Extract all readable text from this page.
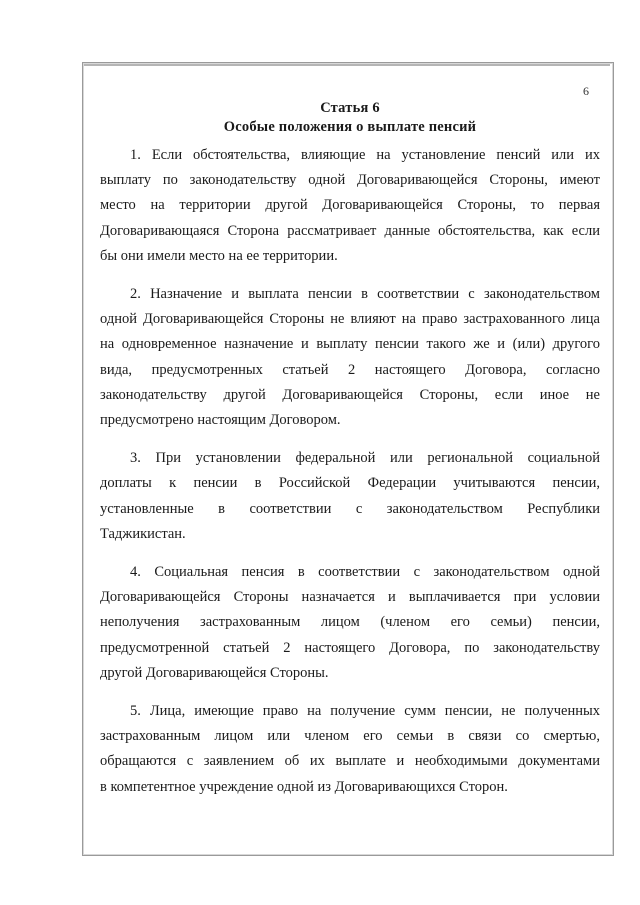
6
Статья 6
Особые положения о выплате пенсий

1. Если обстоятельства, влияющие на установление пенсий или их
выплату по законодательству одной Договаривающейся Стороны, имеют
место на территории другой Договаривающейся Стороны, то первая
Договаривающаяся Сторона рассматривает данные обстоятельства, как если
бы они имели место на ее территории.

2. Назначение и выплата пенсии в соответствии с законодательством
одной Договаривающейся Стороны не влияют на право застрахованного лица
на одновременное назначение и выплату пенсии такого же и (или) другого
вида, предусмотренных статьей 2 настоящего Договора, согласно
законодательству другой Договаривающейся Стороны, если иное не
предусмотрено настоящим Договором.

3. При установлении федеральной или региональной социальной
доплаты к пенсии в Российской Федерации учитываются пенсии,
установленные в соответствии с законодательством Республики
Таджикистан.

4. Социальная пенсия в соответствии с законодательством одной
Договаривающейся Стороны назначается и выплачивается при условии
неполучения застрахованным лицом (членом его семьи) пенсии,
предусмотренной статьей 2 настоящего Договора, по законодательству
другой Договаривающейся Стороны.

5. Лица, имеющие право на получение сумм пенсии, не полученных
застрахованным лицом или членом его семьи в связи со смертью,
обращаются с заявлением об их выплате и необходимыми документами
в компетентное учреждение одной из Договаривающихся Сторон.
